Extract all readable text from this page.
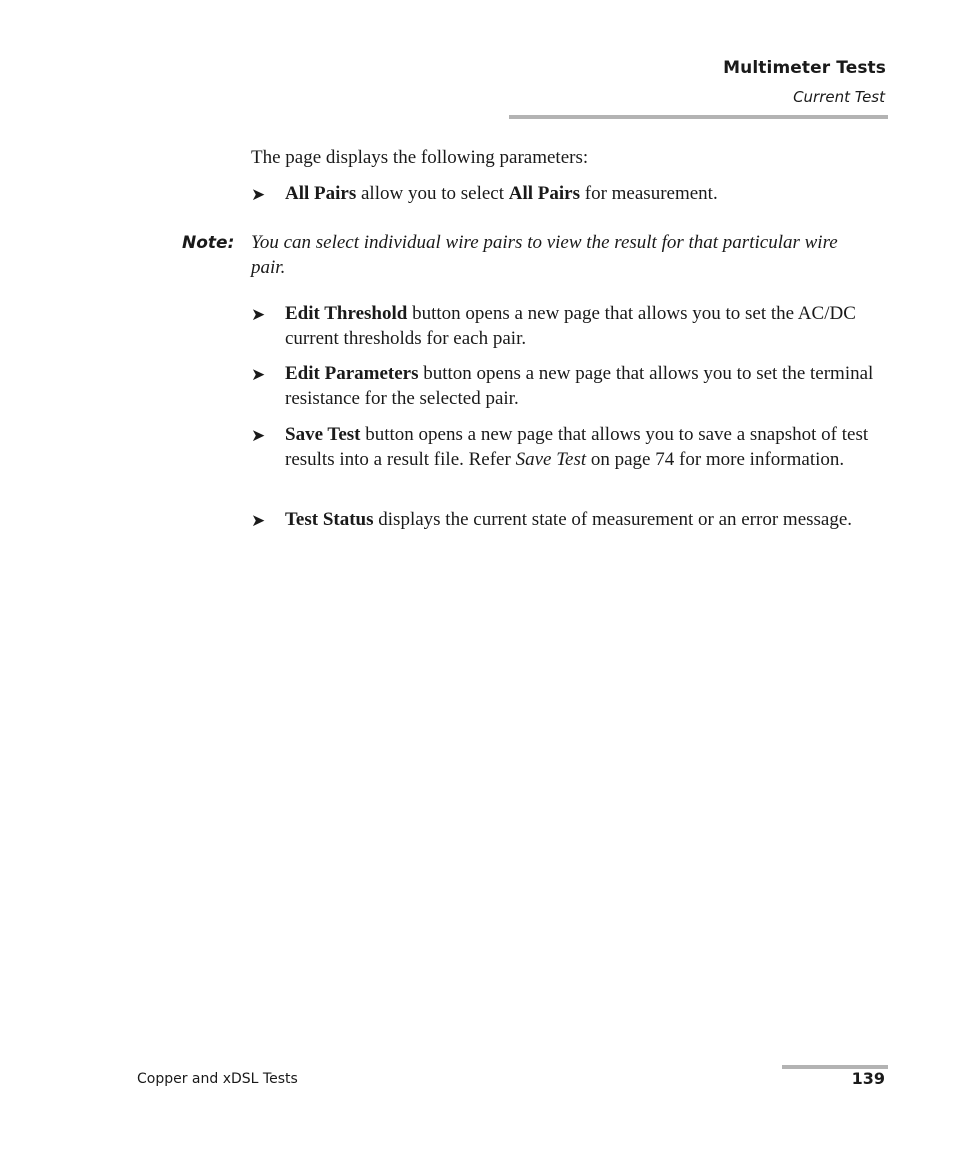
Multimeter Tests
Current Test

The page displays the following parameters:

➤ All Pairs allow you to select All Pairs for measurement.
Note: You can select individual wire pairs to view the result for that particular wire pair.
➤ Edit Threshold button opens a new page that allows you to set the AC/DC current thresholds for each pair.
➤ Edit Parameters button opens a new page that allows you to set the terminal resistance for the selected pair.
➤ Save Test button opens a new page that allows you to save a snapshot of test results into a result file. Refer Save Test on page 74 for more information.
➤ Test Status displays the current state of measurement or an error message.
Copper and xDSL Tests	139
